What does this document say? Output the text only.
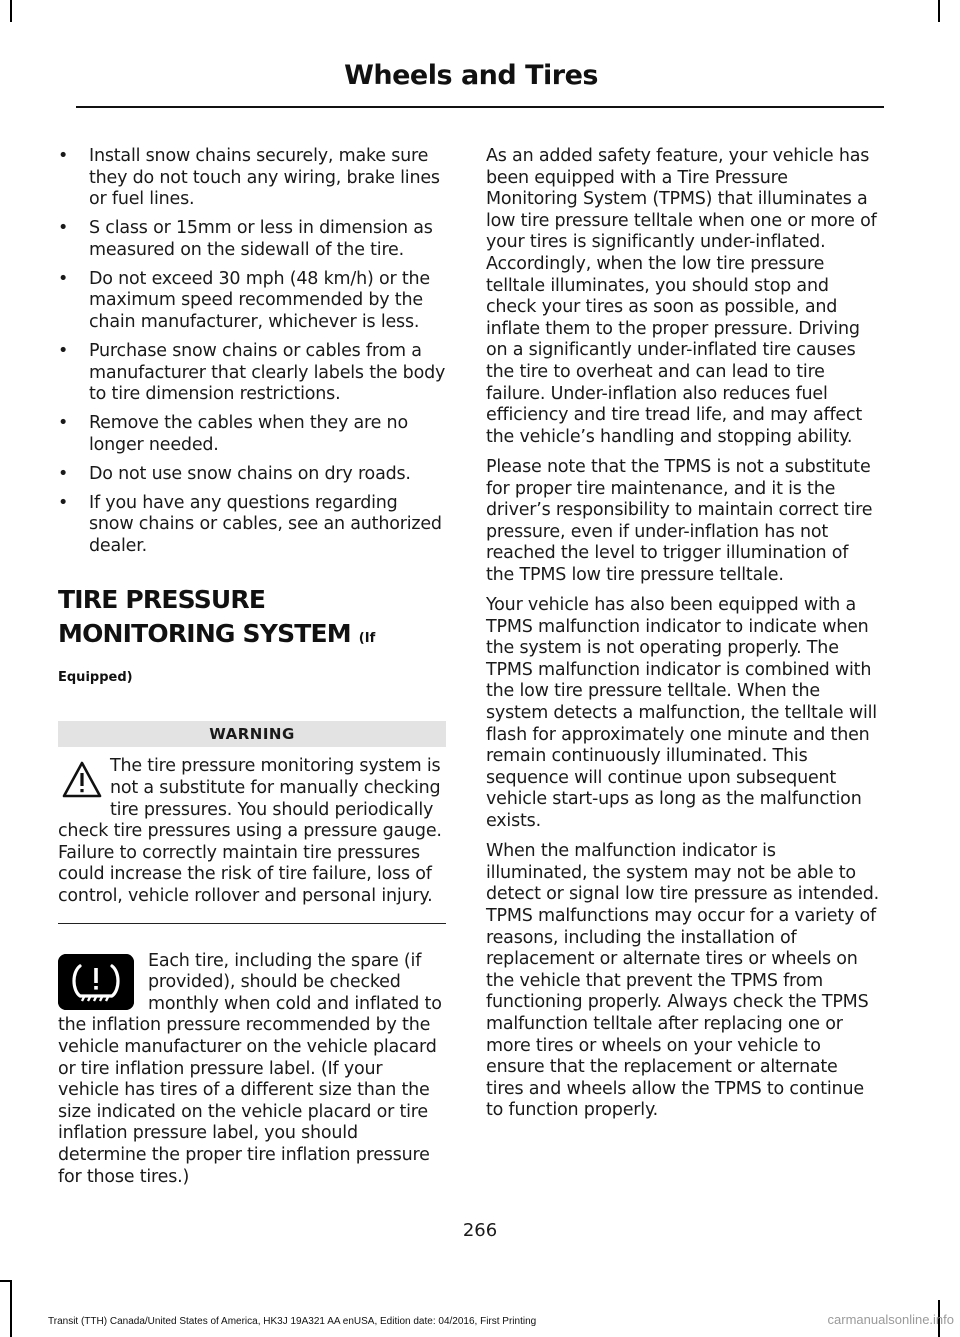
Wheels and Tires
• Install snow chains securely, make sure they do not touch any wiring, brake lines or fuel lines.
• S class or 15mm or less in dimension as measured on the sidewall of the tire.
• Do not exceed 30 mph (48 km/h) or the maximum speed recommended by the chain manufacturer, whichever is less.
• Purchase snow chains or cables from a manufacturer that clearly labels the body to tire dimension restrictions.
• Remove the cables when they are no longer needed.
• Do not use snow chains on dry roads.
• If you have any questions regarding snow chains or cables, see an authorized dealer.
TIRE PRESSURE MONITORING SYSTEM (If Equipped)
WARNING
The tire pressure monitoring system is not a substitute for manually checking tire pressures. You should periodically check tire pressures using a pressure gauge. Failure to correctly maintain tire pressures could increase the risk of tire failure, loss of control, vehicle rollover and personal injury.
Each tire, including the spare (if provided), should be checked monthly when cold and inflated to the inflation pressure recommended by the vehicle manufacturer on the vehicle placard or tire inflation pressure label. (If your vehicle has tires of a different size than the size indicated on the vehicle placard or tire inflation pressure label, you should determine the proper tire inflation pressure for those tires.)

As an added safety feature, your vehicle has been equipped with a Tire Pressure Monitoring System (TPMS) that illuminates a low tire pressure telltale when one or more of your tires is significantly under-inflated. Accordingly, when the low tire pressure telltale illuminates, you should stop and check your tires as soon as possible, and inflate them to the proper pressure. Driving on a significantly under-inflated tire causes the tire to overheat and can lead to tire failure. Under-inflation also reduces fuel efficiency and tire tread life, and may affect the vehicle’s handling and stopping ability.

Please note that the TPMS is not a substitute for proper tire maintenance, and it is the driver’s responsibility to maintain correct tire pressure, even if under-inflation has not reached the level to trigger illumination of the TPMS low tire pressure telltale.

Your vehicle has also been equipped with a TPMS malfunction indicator to indicate when the system is not operating properly. The TPMS malfunction indicator is combined with the low tire pressure telltale. When the system detects a malfunction, the telltale will flash for approximately one minute and then remain continuously illuminated. This sequence will continue upon subsequent vehicle start-ups as long as the malfunction exists.

When the malfunction indicator is illuminated, the system may not be able to detect or signal low tire pressure as intended. TPMS malfunctions may occur for a variety of reasons, including the installation of replacement or alternate tires or wheels on the vehicle that prevent the TPMS from functioning properly. Always check the TPMS malfunction telltale after replacing one or more tires or wheels on your vehicle to ensure that the replacement or alternate tires and wheels allow the TPMS to continue to function properly.

266
Transit (TTH) Canada/United States of America, HK3J 19A321 AA enUSA, Edition date: 04/2016, First Printing	carmanualsonline.info
